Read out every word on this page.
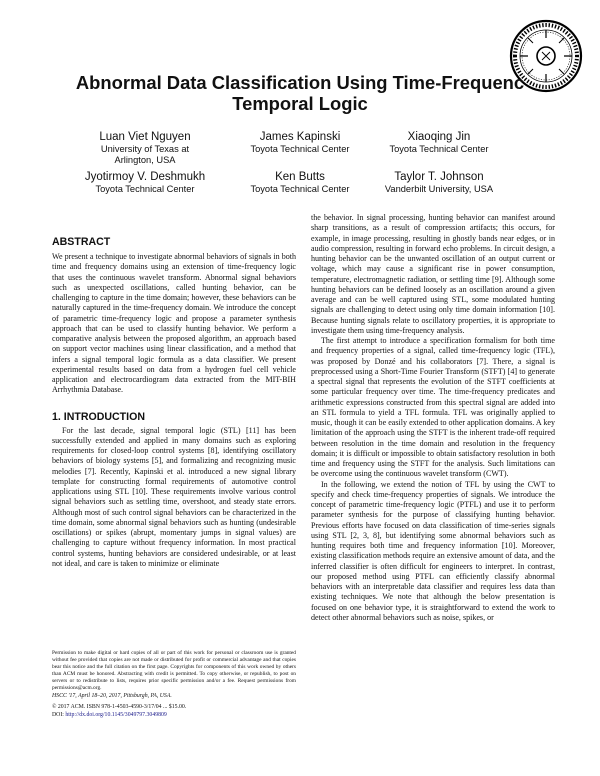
Abnormal Data Classification Using Time-Frequenc
Temporal Logic
Luan Viet Nguyen
University of Texas at
Arlington, USA
James Kapinski
Toyota Technical Center
Xiaoqing Jin
Toyota Technical Center
Jyotirmoy V. Deshmukh
Toyota Technical Center
Ken Butts
Toyota Technical Center
Taylor T. Johnson
Vanderbilt University, USA
ABSTRACT

We present a technique to investigate abnormal behaviors of signals in both time and frequency domains using an extension of time-frequency logic that uses the continuous wavelet transform. Abnormal signal behaviors such as unexpected oscillations, called hunting behavior, can be challenging to capture in the time domain; however, these behaviors can be naturally captured in the time-frequency domain. We introduce the concept of parametric time-frequency logic and propose a parameter synthesis approach that can be used to classify hunting behavior. We perform a comparative analysis between the proposed algorithm, an approach based on support vector machines using linear classification, and a method that infers a signal temporal logic formula as a data classifier. We present experimental results based on data from a hydrogen fuel cell vehicle application and electrocardiogram data extracted from the MIT-BIH Arrhythmia Database.

1. INTRODUCTION

For the last decade, signal temporal logic (STL) [11] has been successfully extended and applied in many domains such as exploring requirements for closed-loop control systems [8], identifying oscillatory behaviors of biology systems [5], and formalizing and recognizing music melodies [7]. Recently, Kapinski et al. introduced a new signal library template for constructing formal requirements of automotive control applications using STL [10]. These requirements involve various control signal behaviors such as settling time, overshoot, and steady state errors. Although most of such control signal behaviors can be characterized in the time domain, some abnormal signal behaviors such as hunting (undesirable oscillations) or spikes (abrupt, momentary jumps in signal values) are challenging to capture without frequency information. In most practical control systems, hunting behaviors are considered undesirable, or at least not ideal, and care is taken to minimize or eliminate

Permission to make digital or hard copies of all or part of this work for personal or classroom use is granted without fee provided that copies are not made or distributed for profit or commercial advantage and that copies bear this notice and the full citation on the first page. Copyrights for components of this work owned by others than ACM must be honored. Abstracting with credit is permitted. To copy otherwise, or republish, to post on servers or to redistribute to lists, requires prior specific permission and/or a fee. Request permissions from permissions@acm.org.
HSCC '17, April 18–20, 2017, Pittsburgh, PA, USA.
© 2017 ACM. ISBN 978-1-4503-4590-3/17/04 ... $15.00.
DOI: http://dx.doi.org/10.1145/3049797.3049809

the behavior. In signal processing, hunting behavior can manifest around sharp transitions, as a result of compression artifacts; this occurs, for example, in image processing, resulting in ghostly bands near edges, or in audio compression, resulting in forward echo problems. In circuit design, a hunting behavior can be the unwanted oscillation of an output current or voltage, which may cause a significant rise in power consumption, temperature, electromagnetic radiation, or settling time [9]. Although some hunting behaviors can be defined loosely as an oscillation around a given average and can be well captured using STL, some modulated hunting signals are challenging to detect using only time domain information [10]. Because hunting signals relate to oscillatory properties, it is appropriate to investigate them using time-frequency analysis.

The first attempt to introduce a specification formalism for both time and frequency properties of a signal, called time-frequency logic (TFL), was proposed by Donzé and his collaborators [7]. There, a signal is preprocessed using a Short-Time Fourier Transform (STFT) [4] to generate a spectral signal that represents the evolution of the STFT coefficients at some particular frequency over time. The time-frequency predicates and arithmetic expressions constructed from this spectral signal are added into an STL formula to yield a TFL formula. TFL was originally applied to music, though it can be easily extended to other application domains. A key limitation of the approach using the STFT is the inherent trade-off required between resolution in the time domain and resolution in the frequency domain; it is difficult or impossible to obtain satisfactory resolution in both time and frequency using the STFT for the analysis. Such limitations can be overcome using the continuous wavelet transform (CWT).

In the following, we extend the notion of TFL by using the CWT to specify and check time-frequency properties of signals. We introduce the concept of parametric time-frequency logic (PTFL) and use it to perform parameter synthesis for the purpose of classifying hunting behavior. Previous efforts have focused on data classification of time-series signals using STL [2, 3, 8], but identifying some abnormal behaviors such as hunting requires both time and frequency information [10]. Moreover, existing classification methods require an extensive amount of data, and the inferred classifier is often difficult for engineers to interpret. In contrast, our proposed method using PTFL can efficiently classify abnormal behaviors with an interpretable data classifier and requires less data than existing techniques. We note that although the below presentation is focused on one behavior type, it is straightforward to extend the work to detect other abnormal behaviors such as noise, spikes, or
